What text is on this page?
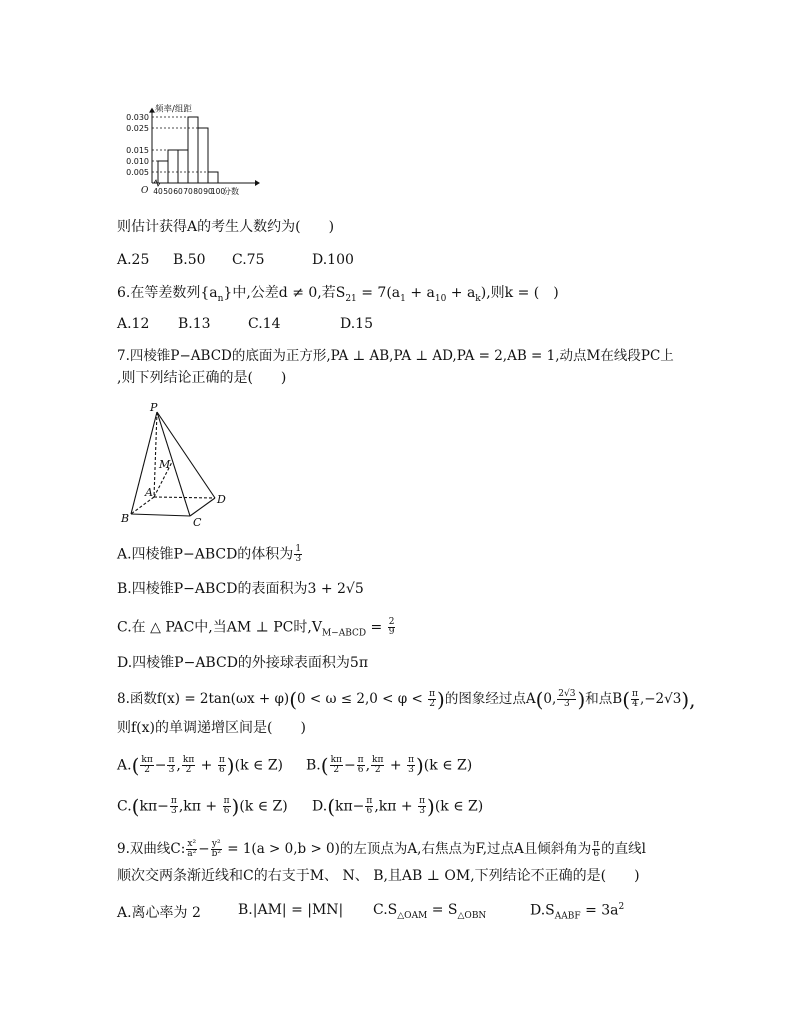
0.030
0.025
0.015
0.010
0.005
40 50 60 70 80 90
100
分数
频率/组距
O
则估计获得A的考生人数约为(　　)
A.25 B.50 C.75	D.100
6.在等差数列$\{a_n\}$中,公差d ≠ 0,若$S_{21} = 7(a_1 + a_{10} + a_k)$,则k = (　)
A.12 B.13	C.14	D.15
7.四棱锥P−ABCD的底面为正方形,PA ⊥ AB,PA ⊥ AD,PA = 2,AB = 1,动点M在线段PC上
,则下列结论正确的是(　　)
P
M
A
D
B	C
A.四棱锥P−ABCD的体积为 $\frac{1}{3}$
B.四棱锥P−ABCD的表面积为3 + 2√5
C.在 △ PAC中,当AM ⊥ PC时$,V_{M-ABCD} = \frac{2}{9}$
D.四棱锥P−ABCD的外接球表面积为5π
8.函数$f(x) = 2\tan(\omega x + \varphi)(0 < \omega \le 2,0 < \varphi < \frac{\pi}{2}$ )的图象经过点A(0, $\frac{2√3}{3}$ )和点$B( \frac{\pi}{4} ,-2√3)$,
则f(x)的单调递增区间是(　　)
$A.( \frac{k\pi}{2} - \frac{\pi}{3}$ , $\frac{k\pi}{2} + \frac{\pi}{6} )(k$ ∈ Z) $B.( \frac{k\pi}{2} - \frac{\pi}{6}$ , $\frac{k\pi}{2} + \frac{\pi}{3} )(k$ ∈ Z)
$C.(k\pi- \frac{\pi}{3} ,k\pi + \frac{\pi}{6} )(k$ ∈ Z) $D.(k\pi- \frac{\pi}{6} ,k\pi + \frac{\pi}{3} )(k$ ∈ Z)
9.双曲线C: $\frac{\text{x²}}{\text{a²}} - \frac{\text{y²}}{\text{b²}} = 1(a > 0,b > 0)$的左顶点为A,右焦点为F,过点A且倾斜角为 $\frac{\pi}{6}$ 的直线l
顺次交两条渐近线和C的右支于M、 N、 B,且AB ⊥ OM,下列结论不正确的是(　　)
A.离心率为 2	B.|AM| = |MN| $C.S_{\triangle OAM} = S_{\triangle OBN}$	$D.S_{AABF} = 3a^2$
